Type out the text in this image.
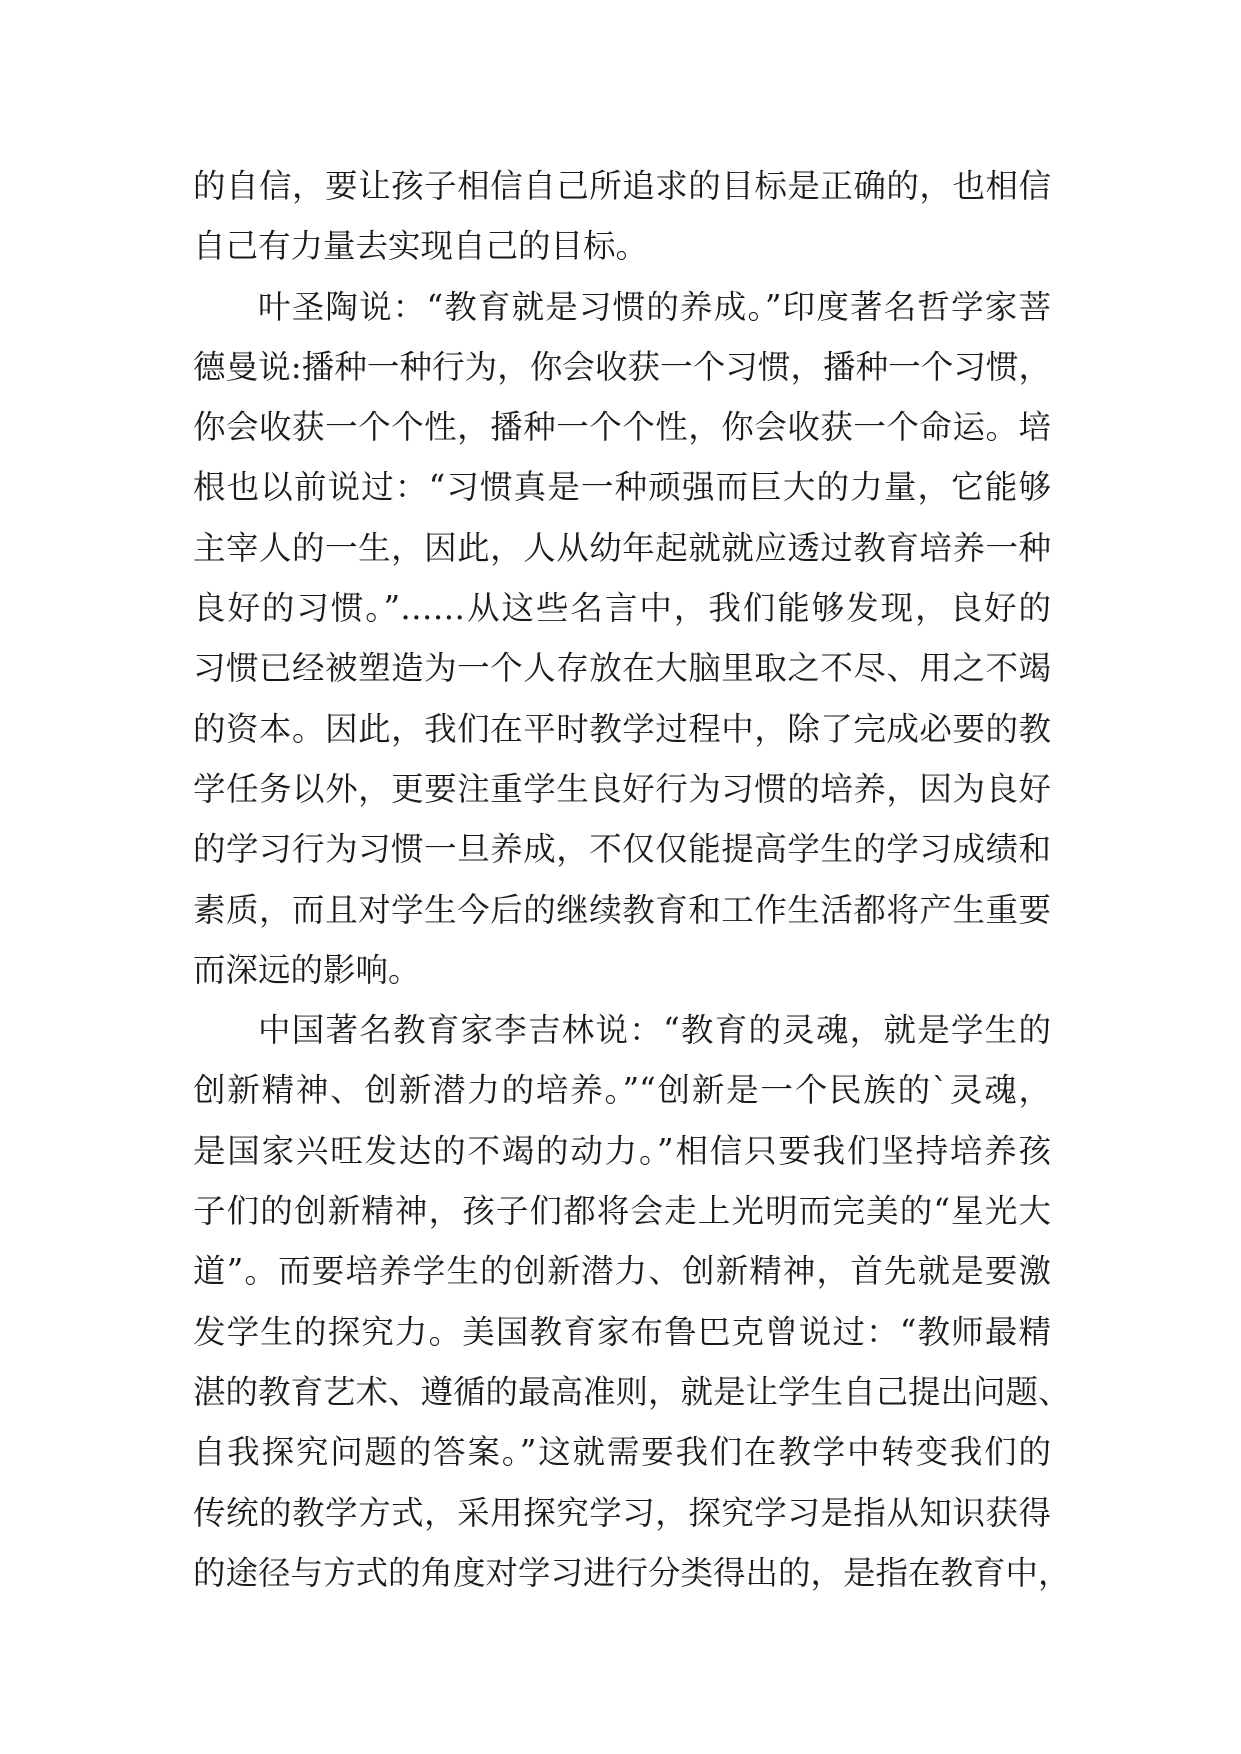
的自信，要让孩子相信自己所追求的目标是正确的，也相信
自己有力量去实现自己的目标。
叶圣陶说：“教育就是习惯的养成。”印度著名哲学家菩
德曼说:播种一种行为，你会收获一个习惯，播种一个习惯，
你会收获一个个性，播种一个个性，你会收获一个命运。培
根也以前说过：“习惯真是一种顽强而巨大的力量，它能够
主宰人的一生，因此，人从幼年起就就应透过教育培养一种
良好的习惯。”……从这些名言中，我们能够发现，良好的
习惯已经被塑造为一个人存放在大脑里取之不尽、用之不竭
的资本。因此，我们在平时教学过程中，除了完成必要的教
学任务以外，更要注重学生良好行为习惯的培养，因为良好
的学习行为习惯一旦养成，不仅仅能提高学生的学习成绩和
素质，而且对学生今后的继续教育和工作生活都将产生重要
而深远的影响。
中国著名教育家李吉林说：“教育的灵魂，就是学生的
创新精神、创新潜力的培养。”“创新是一个民族的`灵魂，
是国家兴旺发达的不竭的动力。”相信只要我们坚持培养孩
子们的创新精神，孩子们都将会走上光明而完美的“星光大
道”。而要培养学生的创新潜力、创新精神，首先就是要激
发学生的探究力。美国教育家布鲁巴克曾说过：“教师最精
湛的教育艺术、遵循的最高准则，就是让学生自己提出问题、
自我探究问题的答案。”这就需要我们在教学中转变我们的
传统的教学方式，采用探究学习，探究学习是指从知识获得
的途径与方式的角度对学习进行分类得出的，是指在教育中，
